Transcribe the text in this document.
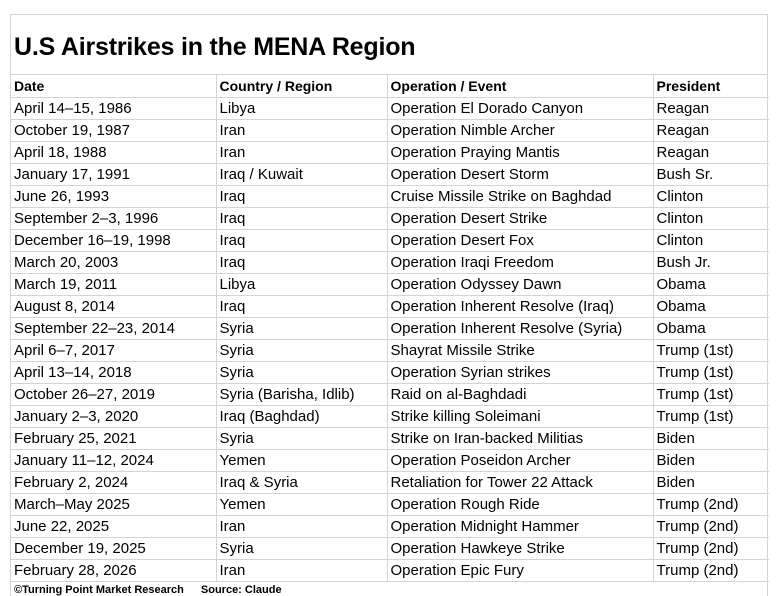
U.S Airstrikes in the MENA Region
Date	Country / Region	Operation / Event	President
April 14–15, 1986	Libya	Operation El Dorado Canyon	Reagan
October 19, 1987	Iran	Operation Nimble Archer	Reagan
April 18, 1988	Iran	Operation Praying Mantis	Reagan
January 17, 1991	Iraq / Kuwait	Operation Desert Storm	Bush Sr.
June 26, 1993	Iraq	Cruise Missile Strike on Baghdad	Clinton
September 2–3, 1996	Iraq	Operation Desert Strike	Clinton
December 16–19, 1998	Iraq	Operation Desert Fox	Clinton
March 20, 2003	Iraq	Operation Iraqi Freedom	Bush Jr.
March 19, 2011	Libya	Operation Odyssey Dawn	Obama
August 8, 2014	Iraq	Operation Inherent Resolve (Iraq)	Obama
September 22–23, 2014	Syria	Operation Inherent Resolve (Syria)	Obama
April 6–7, 2017	Syria	Shayrat Missile Strike	Trump (1st)
April 13–14, 2018	Syria	Operation Syrian strikes	Trump (1st)
October 26–27, 2019	Syria (Barisha, Idlib)	Raid on al-Baghdadi	Trump (1st)
January 2–3, 2020	Iraq (Baghdad)	Strike killing Soleimani	Trump (1st)
February 25, 2021	Syria	Strike on Iran-backed Militias	Biden
January 11–12, 2024	Yemen	Operation Poseidon Archer	Biden
February 2, 2024	Iraq & Syria	Retaliation for Tower 22 Attack	Biden
March–May 2025	Yemen	Operation Rough Ride	Trump (2nd)
June 22, 2025	Iran	Operation Midnight Hammer	Trump (2nd)
December 19, 2025	Syria	Operation Hawkeye Strike	Trump (2nd)
February 28, 2026	Iran	Operation Epic Fury	Trump (2nd)
©Turning Point Market Research Source: Claude
